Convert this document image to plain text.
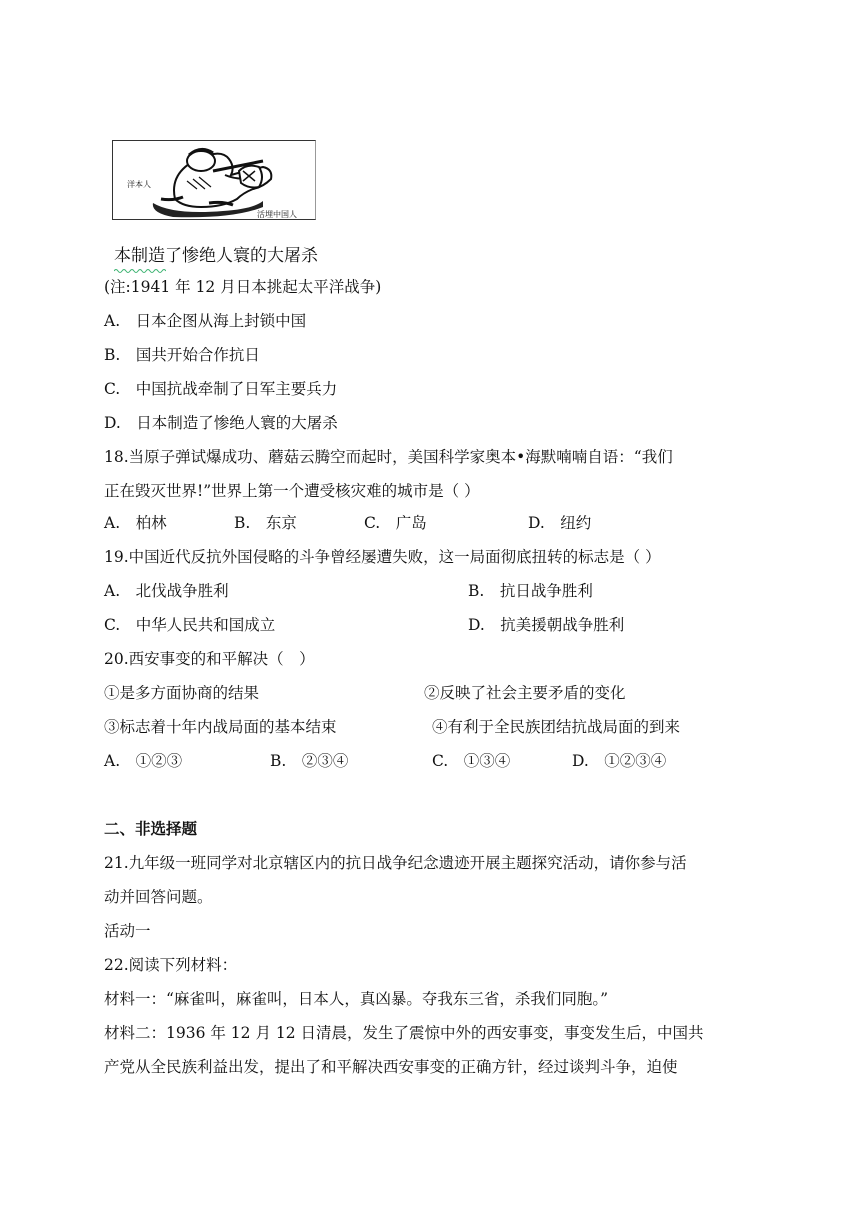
洋本人
活埋中国人
本制造了惨绝人寰的大屠杀
(注:1941 年 12 月日本挑起太平洋战争)
A.　日本企图从海上封锁中国
B.　国共开始合作抗日
C.　中国抗战牵制了日军主要兵力
D.　日本制造了惨绝人寰的大屠杀
18.当原子弹试爆成功、蘑菇云腾空而起时，美国科学家奥本•海默喃喃自语：“我们
正在毁灭世界!”世界上第一个遭受核灾难的城市是（ ）
A.　柏林	B.　东京	C.　广岛	D.　纽约
19.中国近代反抗外国侵略的斗争曾经屡遭失败，这一局面彻底扭转的标志是（ ）
A.　北伐战争胜利	B.　抗日战争胜利
C.　中华人民共和国成立	D.　抗美援朝战争胜利
20.西安事变的和平解决（　）
①是多方面协商的结果	②反映了社会主要矛盾的变化
③标志着十年内战局面的基本结束	④有利于全民族团结抗战局面的到来
A.　①②③	B.　②③④	C.　①③④	D.　①②③④
二、非选择题
21.九年级一班同学对北京辖区内的抗日战争纪念遗迹开展主题探究活动，请你参与活
动并回答问题。
活动一
22.阅读下列材料：
材料一：“麻雀叫，麻雀叫，日本人，真凶暴。夺我东三省，杀我们同胞。”
材料二：1936 年 12 月 12 日清晨，发生了震惊中外的西安事变，事变发生后，中国共
产党从全民族利益出发，提出了和平解决西安事变的正确方针，经过谈判斗争，迫使
